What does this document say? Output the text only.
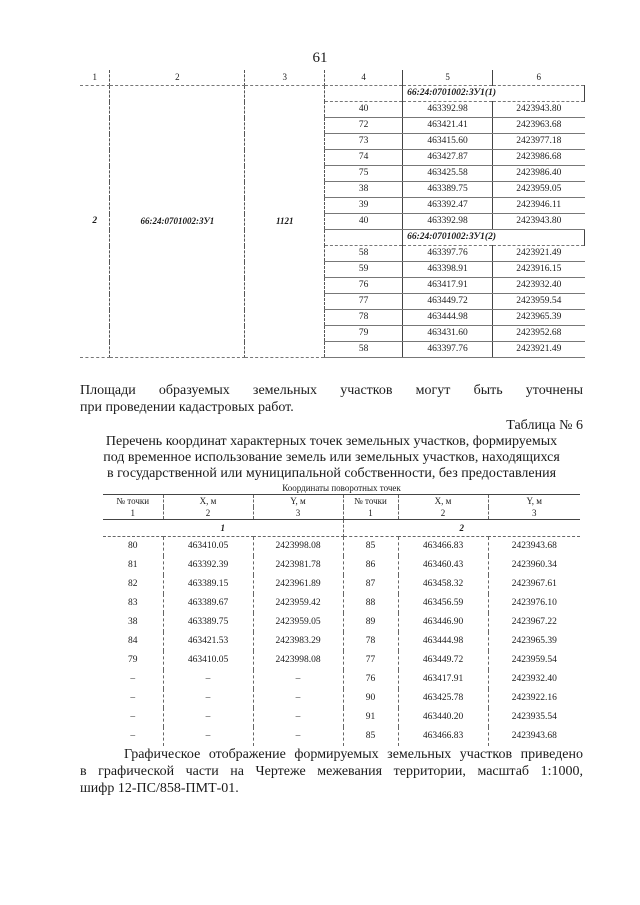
61
1	2	3	4	5	6
2	66:24:0701002:ЗУ1	1121		66:24:0701002:ЗУ1(1)	
			40	463392.98	2423943.80
			72	463421.41	2423963.68
			73	463415.60	2423977.18
			74	463427.87	2423986.68
			75	463425.58	2423986.40
			38	463389.75	2423959.05
			39	463392.47	2423946.11
			40	463392.98	2423943.80
				66:24:0701002:ЗУ1(2)	
			58	463397.76	2423921.49
			59	463398.91	2423916.15
			76	463417.91	2423932.40
			77	463449.72	2423959.54
			78	463444.98	2423965.39
			79	463431.60	2423952.68
			58	463397.76	2423921.49

Площади образуемых земельных участков могут быть уточнены

при проведении кадастровых работ.

Таблица № 6
Перечень координат характерных точек земельных участков, формируемых
под временное использование земель или земельных участков, находящихся
в государственной или муниципальной собственности, без предоставления
Координаты поворотных точек					
№ точки	X, м	Y, м	№ точки	X, м	Y, м
1	2	3	1	2	3
1			2		
80	463410.05	2423998.08	85	463466.83	2423943.68
81	463392.39	2423981.78	86	463460.43	2423960.34
82	463389.15	2423961.89	87	463458.32	2423967.61
83	463389.67	2423959.42	88	463456.59	2423976.10
38	463389.75	2423959.05	89	463446.90	2423967.22
84	463421.53	2423983.29	78	463444.98	2423965.39
79	463410.05	2423998.08	77	463449.72	2423959.54
–	–	–	76	463417.91	2423932.40
–	–	–	90	463425.78	2423922.16
–	–	–	91	463440.20	2423935.54
–	–	–	85	463466.83	2423943.68

Графическое отображение формируемых земельных участков приведено

в графической части на Чертеже межевания территории, масштаб 1:1000,

шифр 12-ПС/858-ПМТ-01.
